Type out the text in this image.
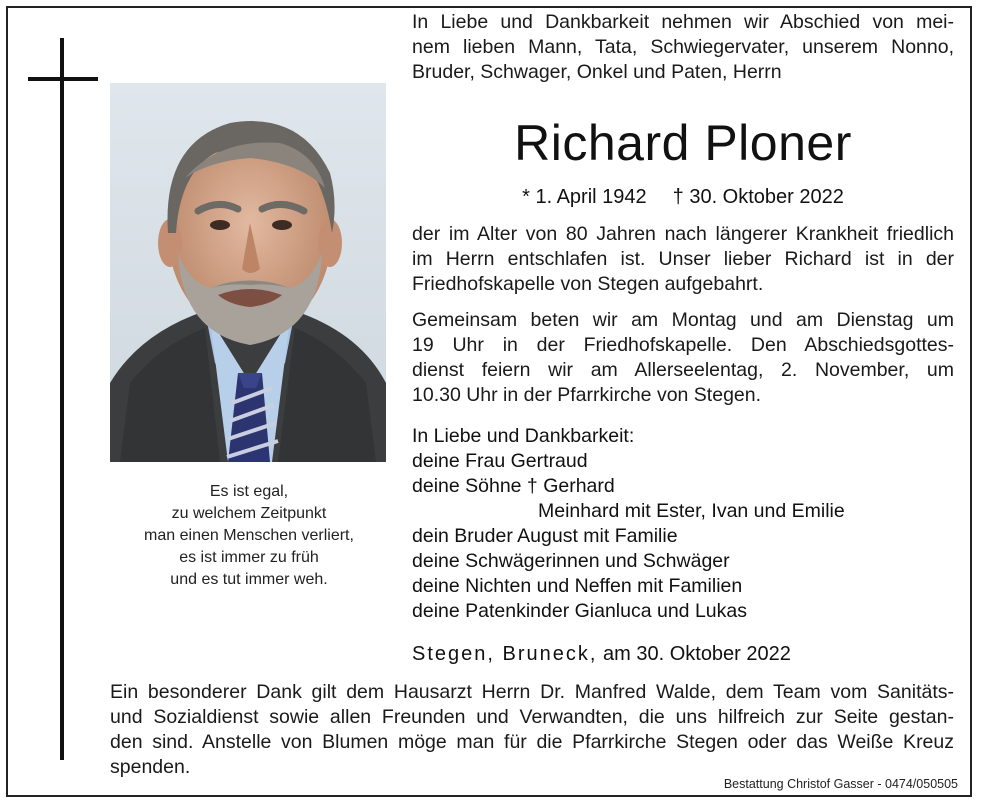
Es ist egal,
zu welchem Zeitpunkt
man einen Menschen verliert,
es ist immer zu früh
und es tut immer weh.
In Liebe und Dankbarkeit nehmen wir Abschied von mei-
nem lieben Mann, Tata, Schwiegervater, unserem Nonno,
Bruder, Schwager, Onkel und Paten, Herrn
Richard Ploner
* 1. April 1942 † 30. Oktober 2022
der im Alter von 80 Jahren nach längerer Krankheit friedlich
im Herrn entschlafen ist. Unser lieber Richard ist in der
Friedhofskapelle von Stegen aufgebahrt.
Gemeinsam beten wir am Montag und am Dienstag um
19 Uhr in der Friedhofskapelle. Den Abschiedsgottes-
dienst feiern wir am Allerseelentag, 2. November, um
10.30 Uhr in der Pfarrkirche von Stegen.
In Liebe und Dankbarkeit:
deine Frau Gertraud
deine Söhne † Gerhard
Meinhard mit Ester, Ivan und Emilie
dein Bruder August mit Familie
deine Schwägerinnen und Schwäger
deine Nichten und Neffen mit Familien
deine Patenkinder Gianluca und Lukas
Stegen, Bruneck, am 30. Oktober 2022
Ein besonderer Dank gilt dem Hausarzt Herrn Dr. Manfred Walde, dem Team vom Sanitäts-
und Sozialdienst sowie allen Freunden und Verwandten, die uns hilfreich zur Seite gestan-
den sind. Anstelle von Blumen möge man für die Pfarrkirche Stegen oder das Weiße Kreuz
spenden.
Bestattung Christof Gasser - 0474/050505
